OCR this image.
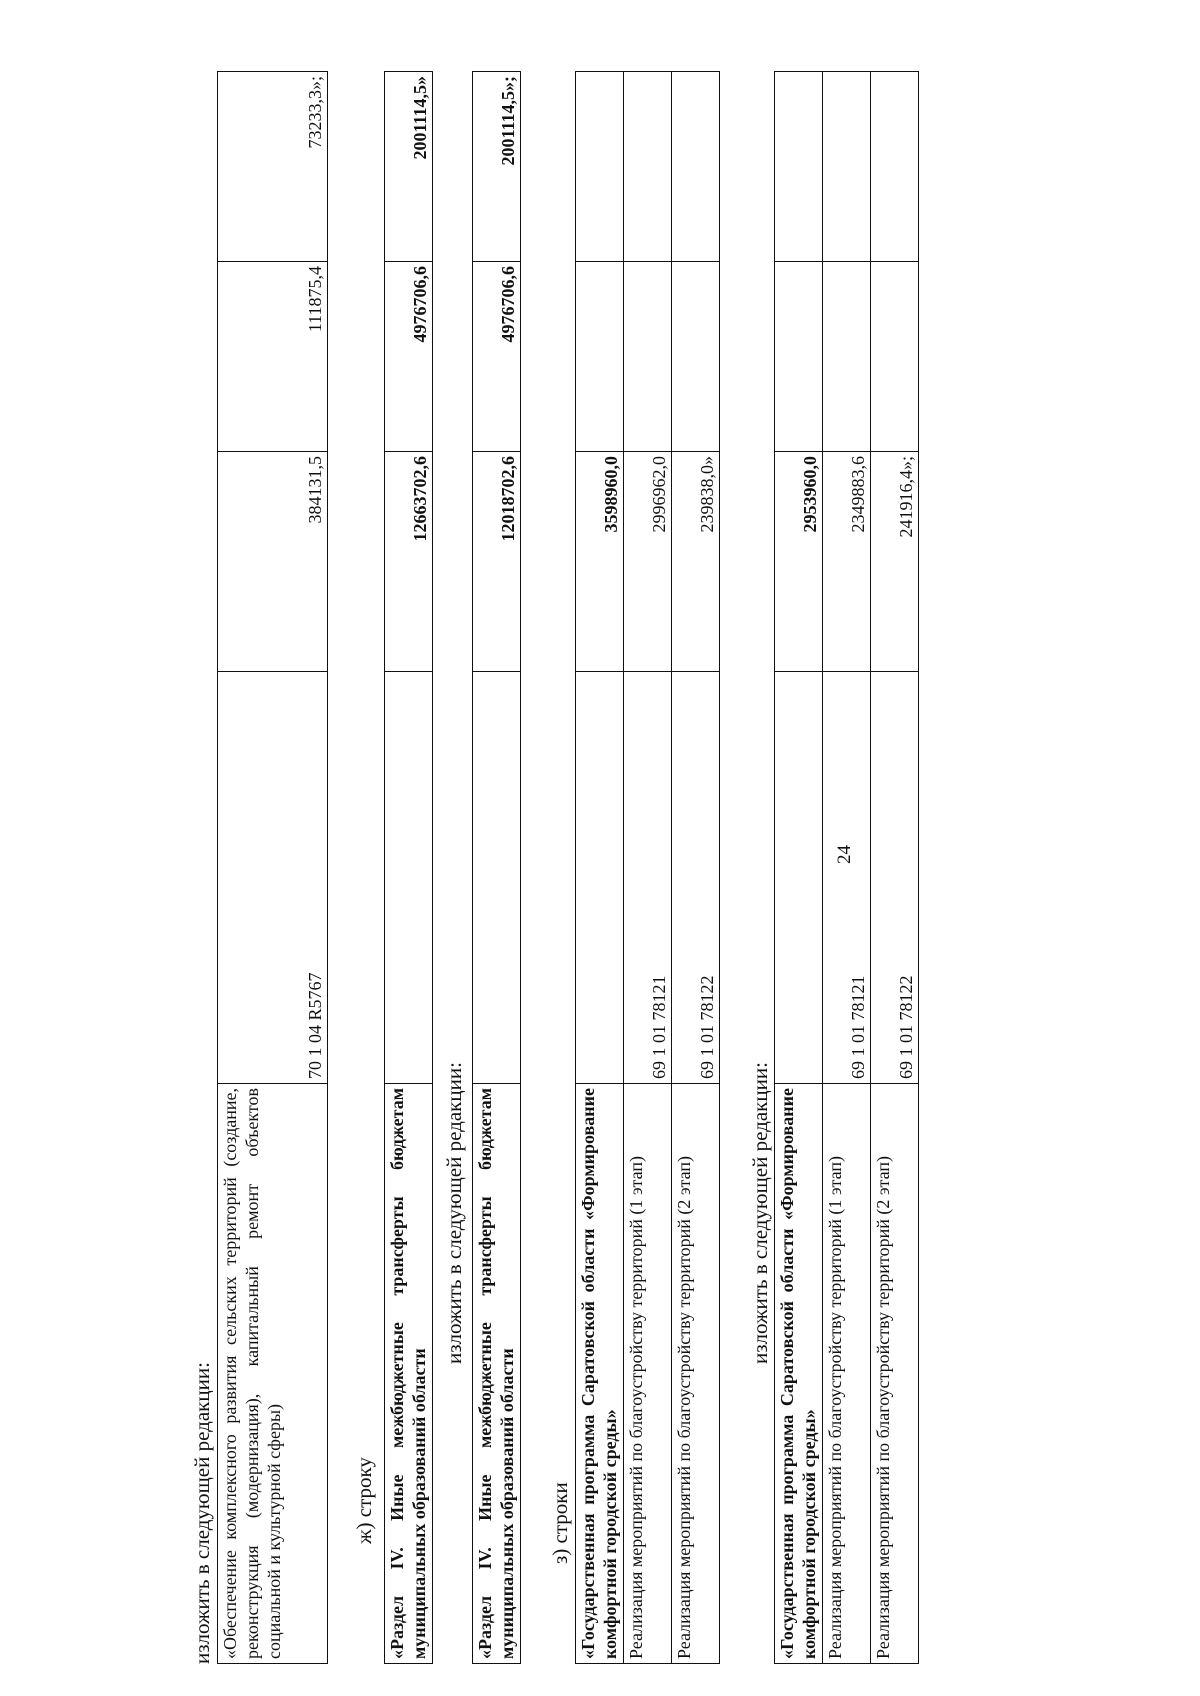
24
изложить в следующей редакции: «Обеспечение комплексного развития сельских территорий (создание, реконструкция (модернизация), капитальный ремонт объектов социальной и культурной сферы)	70 1 04 R5767	384131,5	111875,4	73233,3»;
ж) строку «Раздел IV. Иные межбюджетные трансферты бюджетам муниципальных образований области		12663702,6	4976706,6	2001114,5»
изложить в следующей редакции: «Раздел IV. Иные межбюджетные трансферты бюджетам муниципальных образований области		12018702,6	4976706,6	2001114,5»;
з) строки «Государственная программа Саратовской области «Формирование комфортной городской среды»		3598960,0		
Реализация мероприятий по благоустройству территорий (1 этап)	69 1 01 78121	2996962,0		
Реализация мероприятий по благоустройству территорий (2 этап)	69 1 01 78122	239838,0»		
изложить в следующей редакции: «Государственная программа Саратовской области «Формирование комфортной городской среды»		2953960,0		
Реализация мероприятий по благоустройству территорий (1 этап)	69 1 01 78121	2349883,6		
Реализация мероприятий по благоустройству территорий (2 этап)	69 1 01 78122	241916,4»;		
